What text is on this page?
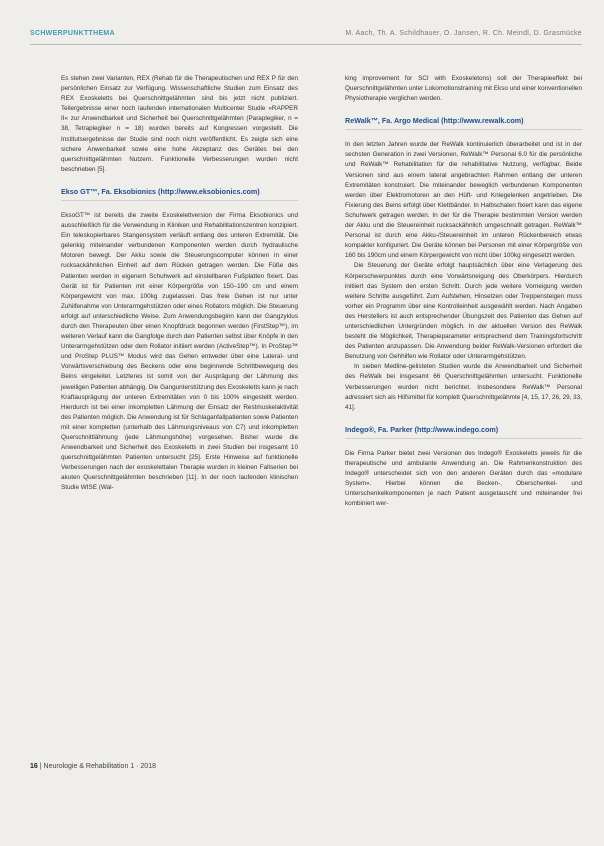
SCHWERPUNKTTHEMA	M. Aach, Th. A. Schildhauer, O. Jansen, R. Ch. Meindl, D. Grasmücke

Es stehen zwei Varianten, REX (Rehab für die Therapeutischen und REX P für den persönlichen Einsatz zur Verfügung. Wissenschaftliche Studien zum Einsatz des REX Exoskeletts bei Querschnittgelähmten sind bis jetzt nicht publiziert. Teilergebnisse einer noch laufenden internationalen Multicenter Studie »RAPPER II« zur Anwendbarkeit und Sicherheit bei Querschnittgelähmten (Paraplegiker, n = 38, Tetraplegiker n = 18) wurden bereits auf Kongressen vorgestellt. Die Institutsergebnisse der Studie sind noch nicht veröffentlicht. Es zeigte sich eine sichere Anwenbarkeit sowie eine hohe Akzeptanz des Gerätes bei den querschnittgelähmten Nutzern. Funktionelle Verbesserungen wurden nicht beschrieben [5].

Ekso GT™, Fa. Eksobionics (http://www.eksobionics.com)

EksoGT™ ist bereits die zweite Exoskelettversion der Firma Eksobionics und ausschließlich für die Verwendung in Kliniken und Rehabilitationszentren konzipiert. Ein teleskopierbares Stangensystem verläuft entlang des unteren Extremität. Die gelenkig miteinander verbundenen Komponenten werden durch hydraulische Motoren bewegt. Der Akku sowie die Steuerungscomputer können in einer rucksackähnlichen Einheit auf dem Rücken getragen werden. Die Füße des Patienten werden in eigenem Schuhwerk auf einstellbaren Fußplatten fixiert. Das Gerät ist für Patienten mit einer Körpergröße von 150–190 cm und einem Körpergewicht von max. 100kg zugelassen. Das freie Gehen ist nur unter Zuhilfenahme von Unterarmgehstützen oder eines Rollators möglich. Die Steuerung erfolgt auf unterschiedliche Weise. Zum Anwendungsbeginn kann der Gangzyklus durch den Therapeuten über einen Knopfdruck begonnen werden (FirstStep™), im weiteren Verlauf kann die Gangfolge durch den Patienten selbst über Knöpfe in den Unterarmgehstützen oder dem Rollator initiiert werden (ActiveStep™). In ProStep™ und ProStep PLUS™ Modus wird das Gehen entweder über eine Lateral- und Vorwärtsverschiebung des Beckens oder eine beginnende Schrittbewegung des Beins eingeleitet. Letzteres ist somit von der Ausprägung der Lähmung des jeweiligen Patienten abhängig. Die Gangunterstützung des Exoskeletts kann je nach Kraftausprägung der unteren Extremitäten von 0 bis 100% eingestellt werden. Hierdurch ist bei einer inkompletten Lähmung der Einsatz der Restmuskelaktivität des Patienten möglich. Die Anwendung ist für Schlaganfallpatienten sowie Patienten mit einer kompletten (unterhalb des Lähmungsniveaus von C7) und inkompletten Querschnittlähmung (jede Lähmungshöhe) vorgesehen. Bisher wurde die Anwendbarkeit und Sicherheit des Exoskeletts in zwei Studien bei insgesamt 10 querschnittgelähmten Patienten untersucht [25]. Erste Hinweise auf funktionelle Verbesserungen nach der exoskelettalen Therapie wurden in kleinen Fallserien bei akuten Querschnittgelähmten beschrieben [11]. In der noch laufenden klinischen Studie WISE (Wal-

king improvement for SCI with Exoskeletons) soll der Therapieeffekt bei Querschnittgelähmten unter Lokomotionstraining mit Ekso und einer konventionellen Physiotherapie verglichen werden.

ReWalk™, Fa. Argo Medical (http://www.rewalk.com)

In den letzten Jahren wurde der ReWalk kontinuierlich überarbeitet und ist in der sechsten Generation in zwei Versionen, ReWalk™ Personal 6.0 für die persönliche und ReWalk™ Rehabilitation für die rehabilitative Nutzung, verfügbar. Beide Versionen sind aus einem lateral angebrachten Rahmen entlang der unteren Extremitäten konstruiert. Die miteinander beweglich verbundenen Komponenten werden über Elektromotoren an den Hüft- und Kniegelenken angetrieben. Die Fixierung des Beins erfolgt über Klettbänder. In Halbschalen fixiert kann das eigene Schuhwerk getragen werden. In der für die Therapie bestimmten Version werden der Akku und die Steuereinheit rucksackähnlich umgeschnallt getragen. ReWalk™ Personal ist durch eine Akku-/Steuereinheit im unteren Rückenbereich etwas kompakter konfiguriert. Die Geräte können bei Personen mit einer Körpergröße von 160 bis 190cm und einem Körpergewicht von nicht über 100kg eingesetzt werden.

Die Steuerung der Geräte erfolgt hauptsächlich über eine Verlagerung des Körperschwerpunktes durch eine Vorwärtsneigung des Oberkörpers. Hierdurch initiiert das System den ersten Schritt. Durch jede weitere Vorneigung werden weitere Schritte ausgeführt. Zum Aufstehen, Hinsetzen oder Treppensteigen muss vorher ein Programm über eine Kontrolleinheit ausgewählt werden. Nach Angaben des Herstellers ist auch entsprechender Übungszeit des Patienten das Gehen auf unterschiedlichen Untergründen möglich. In der aktuellen Version des ReWalk besteht die Möglichkeit, Therapieparameter entsprechend dem Trainingsfortschritt des Patienten anzupassen. Die Anwendung beider ReWalk-Versionen erfordert die Benutzung von Gehhilfen wie Rollator oder Unterarmgehstützen.

In sieben Medline-gelisteten Studien wurde die Anwendbarkeit und Sicherheit des ReWalk bei insgesamt 66 Querschnittgelähmten untersucht. Funktionelle Verbesserungen wurden nicht berichtet. Insbesondere ReWalk™ Personal adressiert sich als Hilfsmittel für komplett Querschnittgelähmte [4, 15, 17, 26, 29, 33, 41].

Indego®, Fa. Parker (http://www.indego.com)

Die Firma Parker bietet zwei Versionen des Indego® Exoskeletts jeweils für die therapeutische und ambulante Anwendung an. Die Rahmenkonstruktion des Indego® unterscheidet sich von den anderen Geräten durch das »modulare System«. Hierbei können die Becken-, Oberschenkel- und Unterschenkelkomponenten je nach Patient ausgetauscht und miteinander frei kombiniert wer-

16 | Neurologie & Rehabilitation 1 · 2018
